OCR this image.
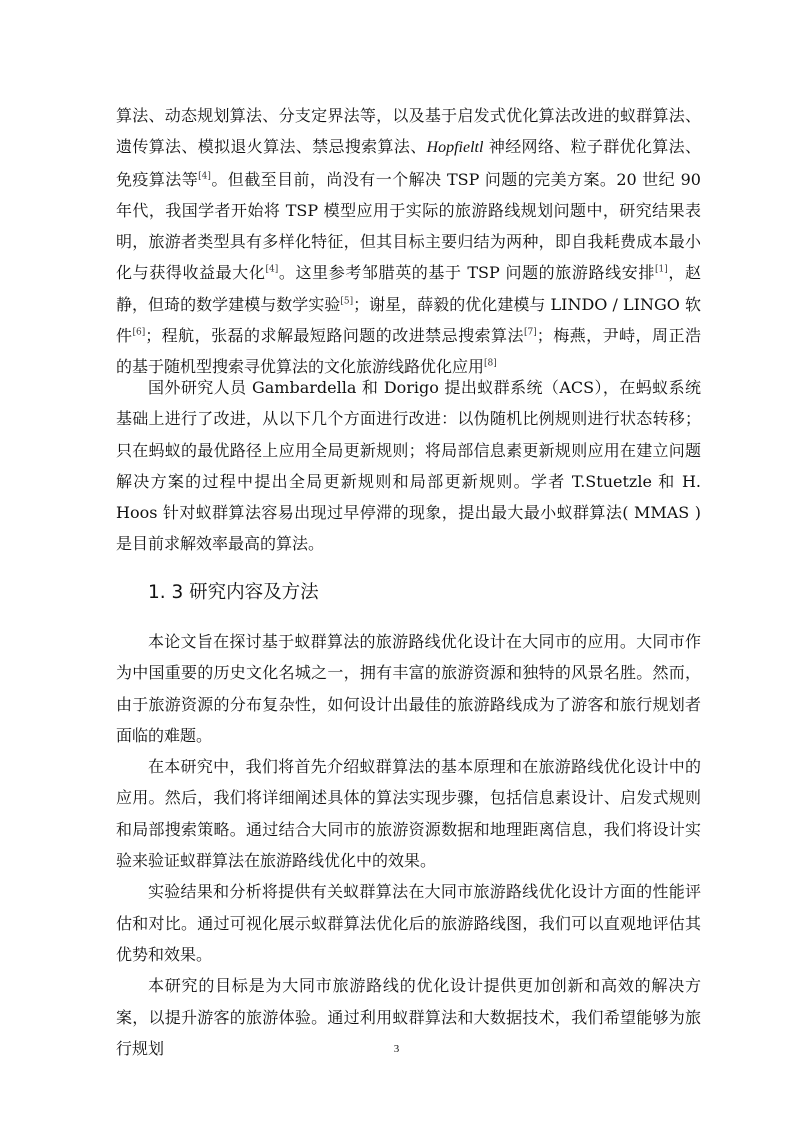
算法、动态规划算法、分支定界法等，以及基于启发式优化算法改进的蚁群算法、遗传算法、模拟退火算法、禁忌搜索算法、Hopfieltl 神经网络、粒子群优化算法、免疫算法等[4]。但截至目前，尚没有一个解决 TSP 问题的完美方案。20 世纪 90 年代，我国学者开始将 TSP 模型应用于实际的旅游路线规划问题中，研究结果表明，旅游者类型具有多样化特征，但其目标主要归结为两种，即自我耗费成本最小化与获得收益最大化[4]。这里参考邹腊英的基于 TSP 问题的旅游路线安排[1]，赵 静，但琦的数学建模与数学实验[5]；谢星，薛毅的优化建模与 LINDO / LINGO 软件[6]；程航，张磊的求解最短路问题的改进禁忌搜索算法[7]；梅燕，尹峙，周正浩的基于随机型搜索寻优算法的文化旅游线路优化应用[8]

国外研究人员 Gambardella 和 Dorigo 提出蚁群系统（ACS），在蚂蚁系统基础上进行了改进，从以下几个方面进行改进：以伪随机比例规则进行状态转移；只在蚂蚁的最优路径上应用全局更新规则；将局部信息素更新规则应用在建立问题解决方案的过程中提出全局更新规则和局部更新规则。学者 T.Stuetzle 和 H. Hoos 针对蚁群算法容易出现过早停滞的现象，提出最大最小蚁群算法( MMAS )是目前求解效率最高的算法。

1. 3 研究内容及方法

本论文旨在探讨基于蚁群算法的旅游路线优化设计在大同市的应用。大同市作为中国重要的历史文化名城之一，拥有丰富的旅游资源和独特的风景名胜。然而，由于旅游资源的分布复杂性，如何设计出最佳的旅游路线成为了游客和旅行规划者面临的难题。

在本研究中，我们将首先介绍蚁群算法的基本原理和在旅游路线优化设计中的应用。然后，我们将详细阐述具体的算法实现步骤，包括信息素设计、启发式规则和局部搜索策略。通过结合大同市的旅游资源数据和地理距离信息，我们将设计实验来验证蚁群算法在旅游路线优化中的效果。

实验结果和分析将提供有关蚁群算法在大同市旅游路线优化设计方面的性能评估和对比。通过可视化展示蚁群算法优化后的旅游路线图，我们可以直观地评估其优势和效果。

本研究的目标是为大同市旅游路线的优化设计提供更加创新和高效的解决方案，以提升游客的旅游体验。通过利用蚁群算法和大数据技术，我们希望能够为旅行规划	3
